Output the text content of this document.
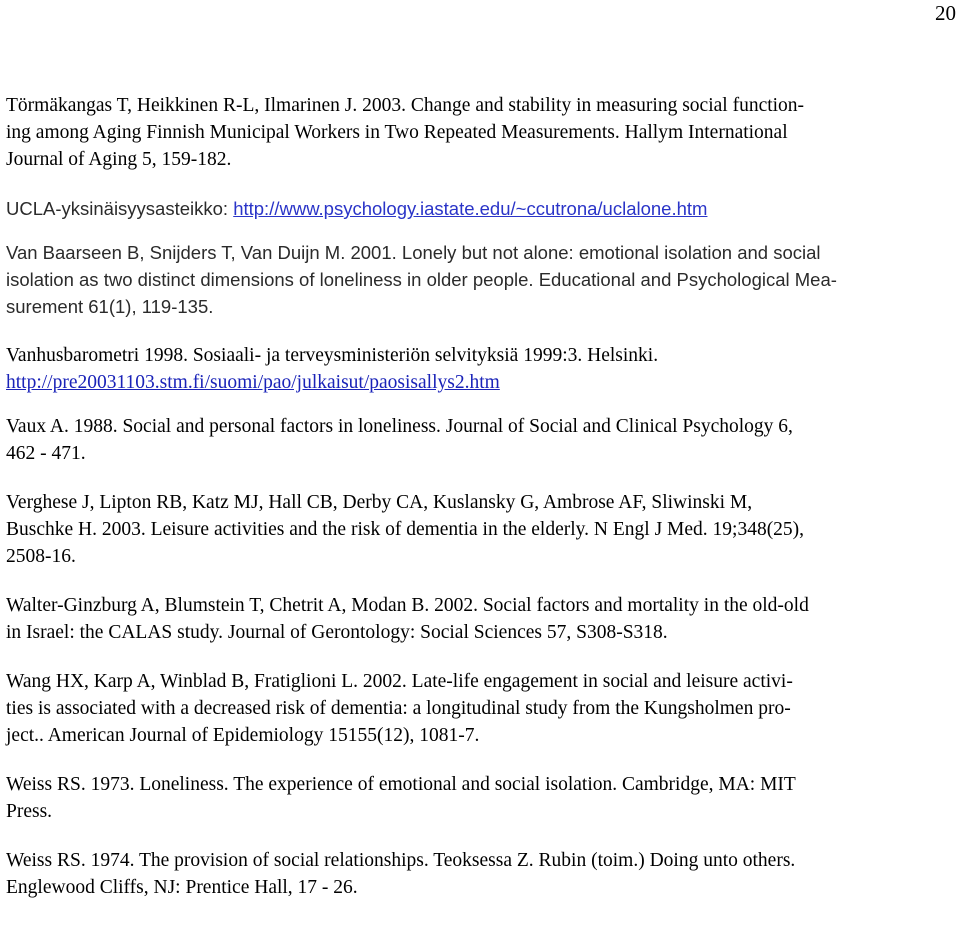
20
Törmäkangas T, Heikkinen R-L, Ilmarinen J. 2003. Change and stability in measuring social function-
ing among Aging Finnish Municipal Workers in Two Repeated Measurements. Hallym International
Journal of Aging 5, 159-182.
UCLA-yksinäisyysasteikko: http://www.psychology.iastate.edu/~ccutrona/uclalone.htm
Van Baarseen B, Snijders T, Van Duijn M. 2001. Lonely but not alone: emotional isolation and social
isolation as two distinct dimensions of loneliness in older people. Educational and Psychological Mea-
surement 61(1), 119-135.
Vanhusbarometri 1998. Sosiaali- ja terveysministeriön selvityksiä 1999:3. Helsinki.
http://pre20031103.stm.fi/suomi/pao/julkaisut/paosisallys2.htm
Vaux A. 1988. Social and personal factors in loneliness. Journal of Social and Clinical Psychology 6,
462 - 471.
Verghese J, Lipton RB, Katz MJ, Hall CB, Derby CA, Kuslansky G, Ambrose AF, Sliwinski M,
Buschke H. 2003. Leisure activities and the risk of dementia in the elderly. N Engl J Med. 19;348(25),
2508-16.
Walter-Ginzburg A, Blumstein T, Chetrit A, Modan B. 2002. Social factors and mortality in the old-old
in Israel: the CALAS study. Journal of Gerontology: Social Sciences 57, S308-S318.
Wang HX, Karp A, Winblad B, Fratiglioni L. 2002. Late-life engagement in social and leisure activi-
ties is associated with a decreased risk of dementia: a longitudinal study from the Kungsholmen pro-
ject.. American Journal of Epidemiology 15155(12), 1081-7.
Weiss RS. 1973. Loneliness. The experience of emotional and social isolation. Cambridge, MA: MIT
Press.
Weiss RS. 1974. The provision of social relationships. Teoksessa Z. Rubin (toim.) Doing unto others.
Englewood Cliffs, NJ: Prentice Hall, 17 - 26.
